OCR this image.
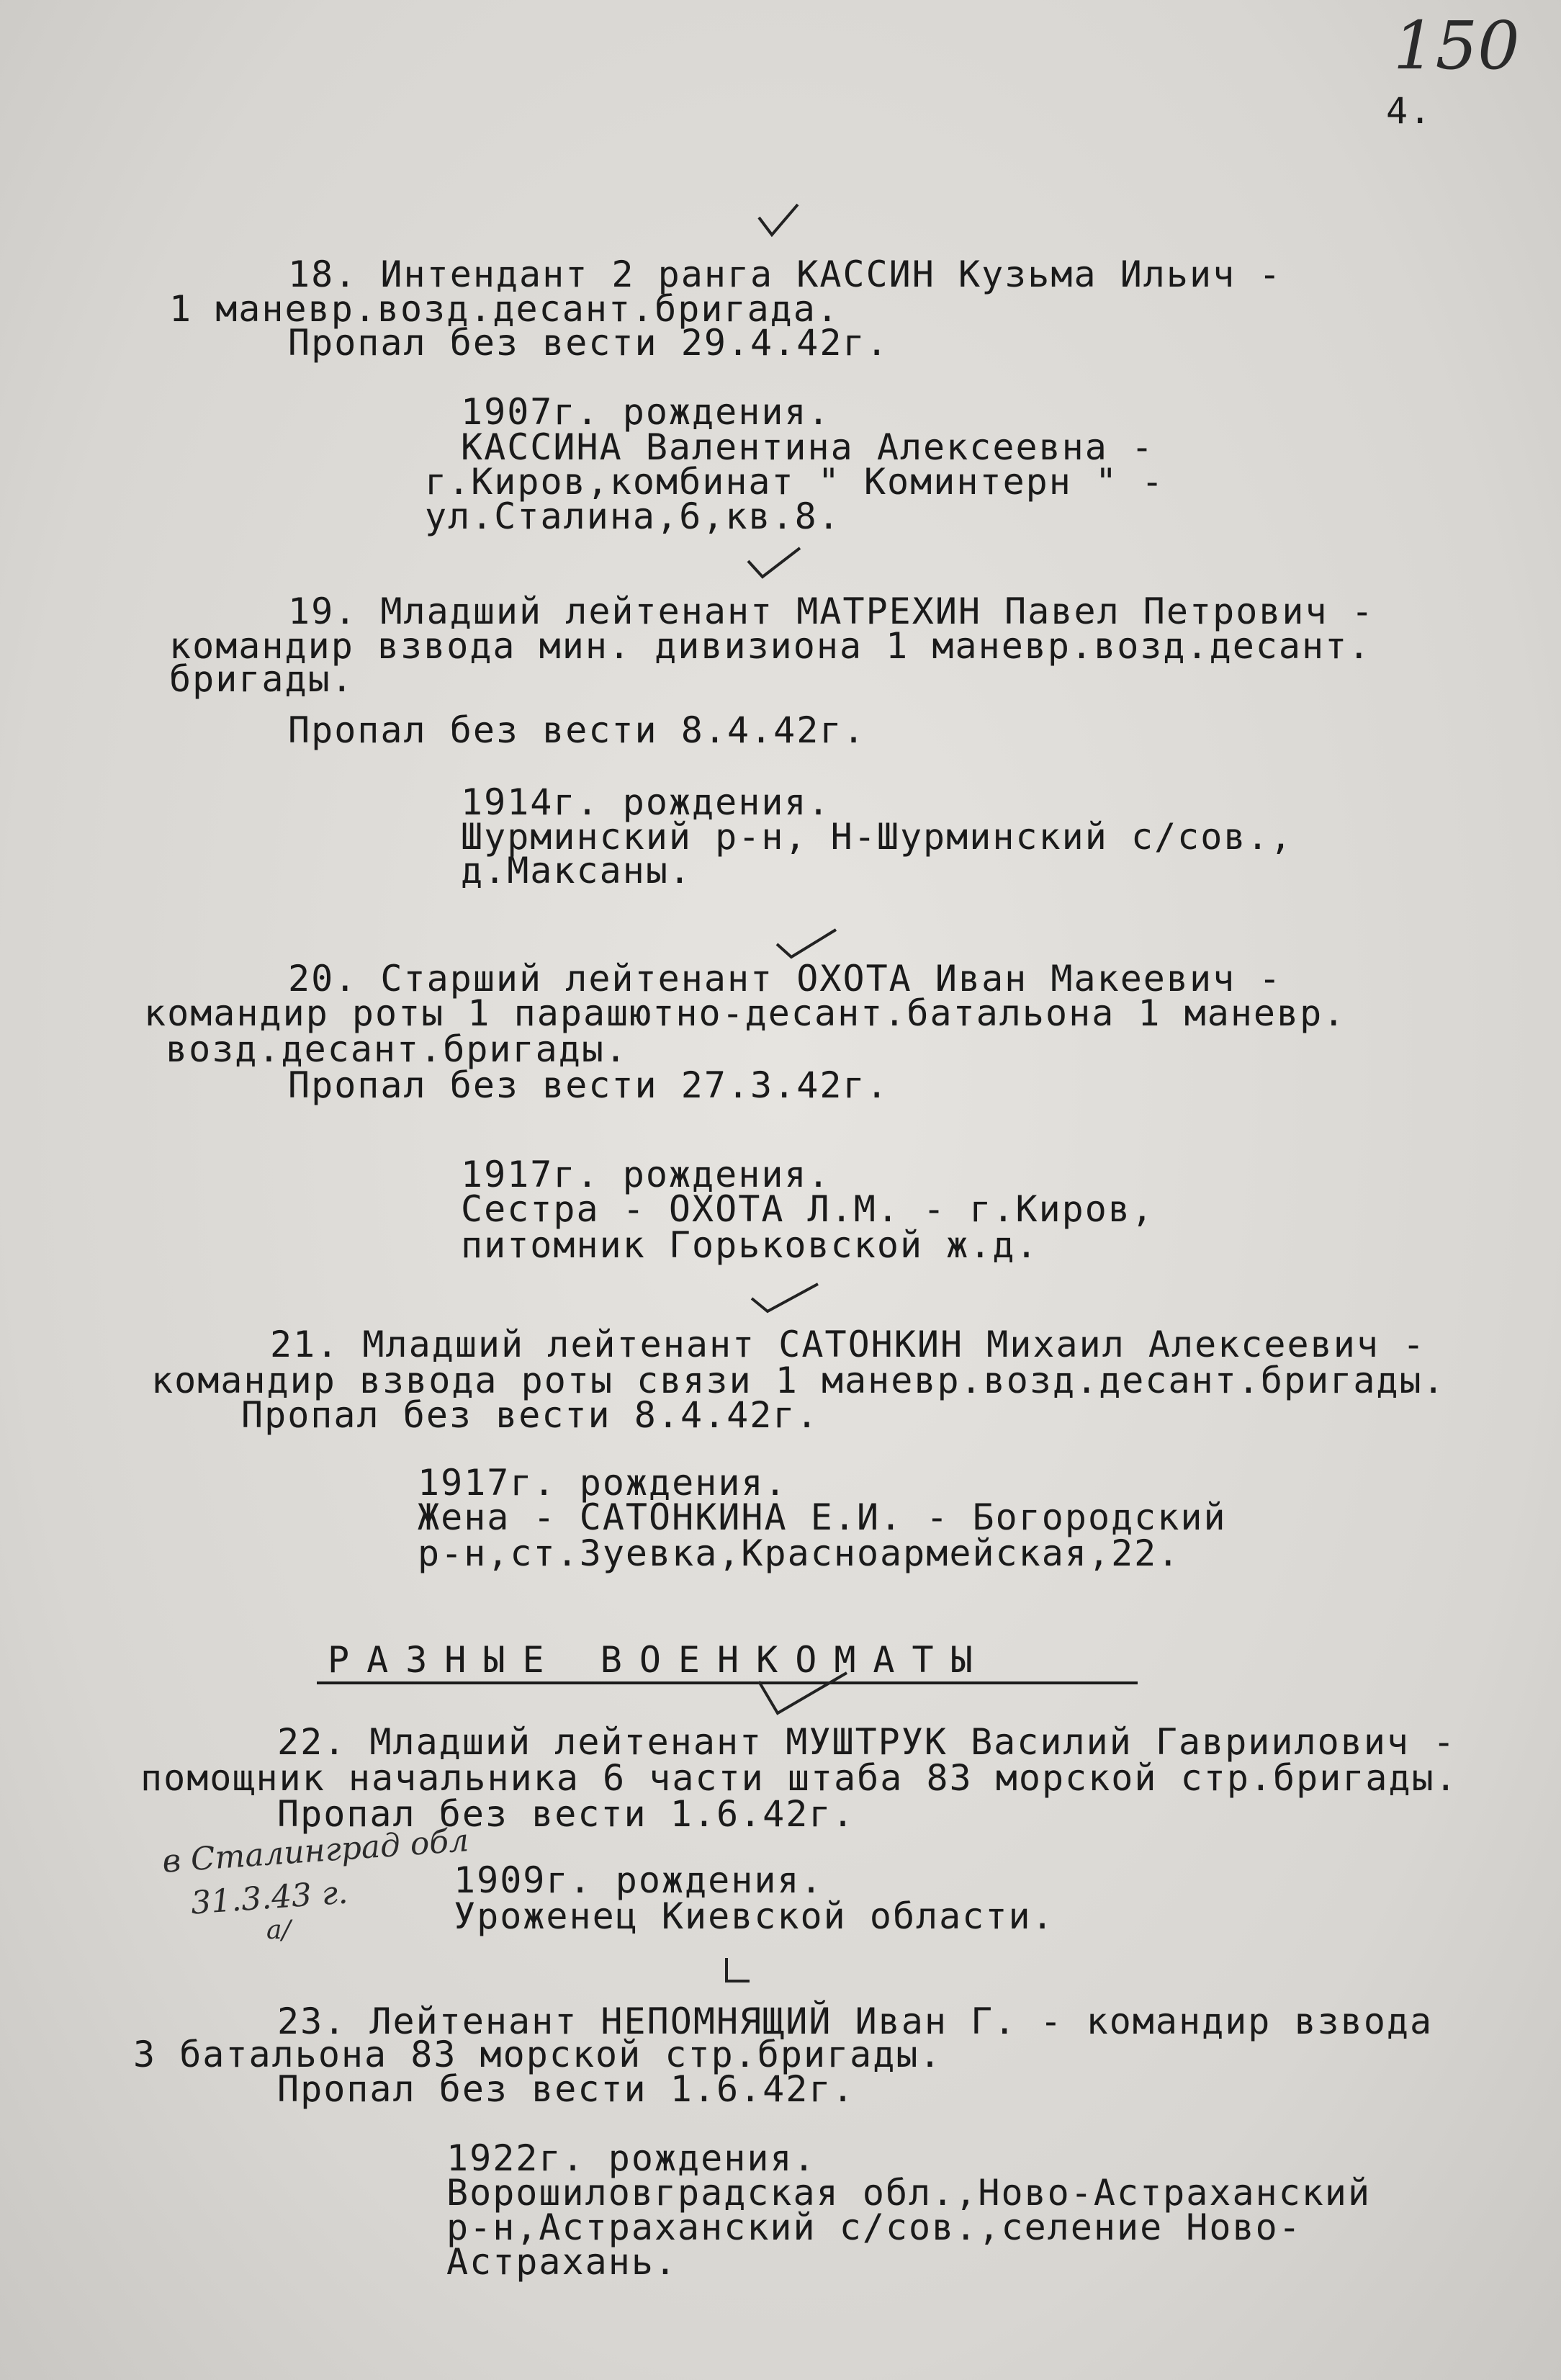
150
4.
18. Интендант 2 ранга КАССИН Кузьма Ильич -
1 маневр.возд.десант.бригада.
Пропал без вести 29.4.42г.
1907г. рождения.
КАССИНА Валентина Алексеевна -
г.Киров,комбинат " Коминтерн " -
ул.Сталина,6,кв.8.
19. Младший лейтенант МАТРЕХИН Павел Петрович -
командир взвода мин. дивизиона 1 маневр.возд.десант.
бригады.
Пропал без вести 8.4.42г.
1914г. рождения.
Шурминский р-н, Н-Шурминский с/сов.,
д.Максаны.
20. Старший лейтенант ОХОТА Иван Макеевич -
командир роты 1 парашютно-десант.батальона 1 маневр.
возд.десант.бригады.
Пропал без вести 27.3.42г.
1917г. рождения.
Сестра - ОХОТА Л.М. - г.Киров,
питомник Горьковской ж.д.
21. Младший лейтенант САТОНКИН Михаил Алексеевич -
командир взвода роты связи 1 маневр.возд.десант.бригады.
Пропал без вести 8.4.42г.
1917г. рождения.
Жена - САТОНКИНА Е.И. - Богородский
р-н,ст.Зуевка,Красноармейская,22.
РАЗНЫЕ ВОЕНКОМАТЫ
22. Младший лейтенант МУШТРУК Василий Гавриилович -
помощник начальника 6 части штаба 83 морской стр.бригады.
Пропал без вести 1.6.42г.
1909г. рождения.
Уроженец Киевской области.
в Сталинград обл
31.3.43 г.
а/
23. Лейтенант НЕПОМНЯЩИЙ Иван Г. - командир взвода
3 батальона 83 морской стр.бригады.
Пропал без вести 1.6.42г.
1922г. рождения.
Ворошиловградская обл.,Ново-Астраханский
р-н,Астраханский с/сов.,селение Ново-
Астрахань.
